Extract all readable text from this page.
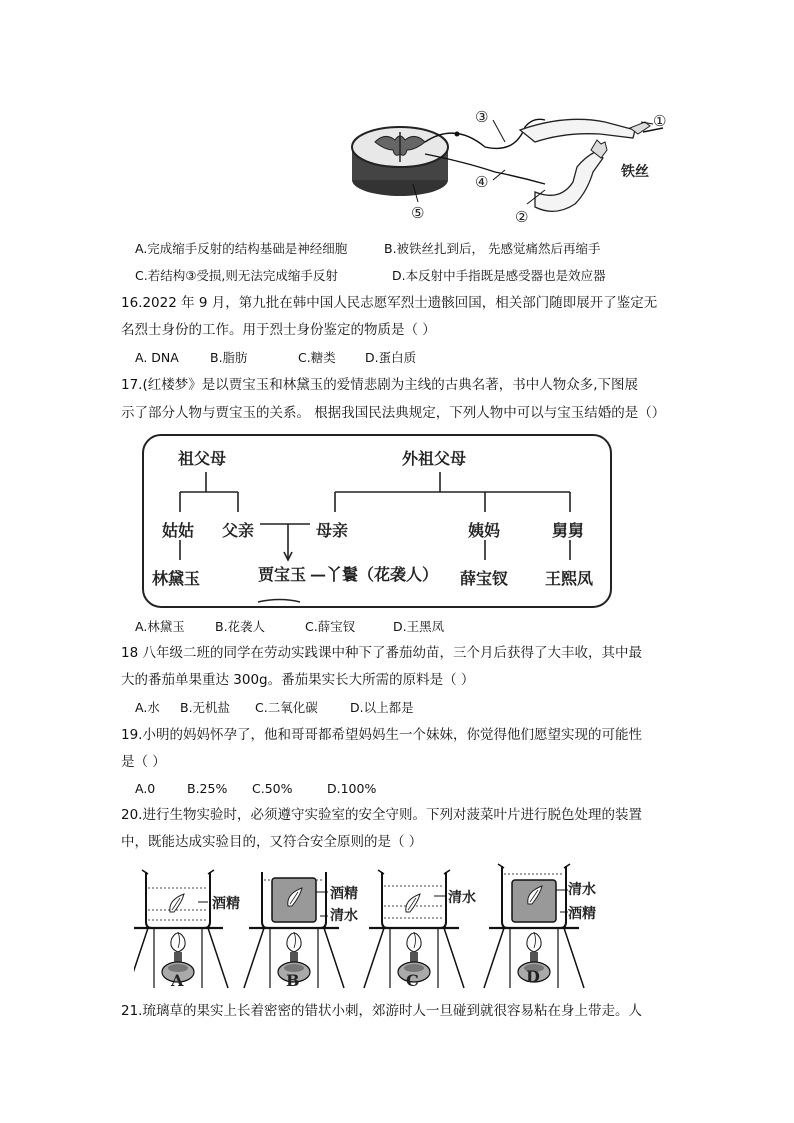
③	①
铁丝
④
⑤	②
A.完成缩手反射的结构基础是神经细胞	B.被铁丝扎到后， 先感觉痛然后再缩手
C.若结构③受损,则无法完成缩手反射	D.本反射中手指既是感受器也是效应器
16.2022 年 9 月，第九批在韩中国人民志愿军烈士遗骸回国，相关部门随即展开了鉴定无
名烈士身份的工作。用于烈士身份鉴定的物质是（ ）
A. DNA B.脂肪	C.糖类 D.蛋白质
17.(红楼梦》是以贾宝玉和林黛玉的爱情悲剧为主线的古典名著，书中人物众多,下图展
示了部分人物与贾宝玉的关系。 根据我国民法典规定，下列人物中可以与宝玉结婚的是（）
祖父母	外祖父母
姑姑 父亲	母亲	姨妈	舅舅
林黛玉	贾宝玉 —丫鬟（花袭人） 薛宝钗 王熙凤
A.林黛玉 B.花袭人	C.薛宝钗	D.王黑凤
18 八年级二班的同学在劳动实践课中种下了番茄幼苗，三个月后获得了大丰收，其中最
大的番茄单果重达 300g。番茄果实长大所需的原料是（ ）
A.水 B.无机盐 C.二氧化碳	D.以上都是
19.小明的妈妈怀孕了，他和哥哥都希望妈妈生一个妹妹，你觉得他们愿望实现的可能性
是（ ）
A.0	B.25% C.50%	D.100%
20.进行生物实验时，必须遵守实验室的安全守则。下列对菠菜叶片进行脱色处理的装置
中，既能达成实验目的，又符合安全原则的是（ ）
酒精
A
酒精
清水
B
清水
C
清水
酒精
D
21.琉璃草的果实上长着密密的错状小刺，郊游时人一旦碰到就很容易粘在身上带走。人
